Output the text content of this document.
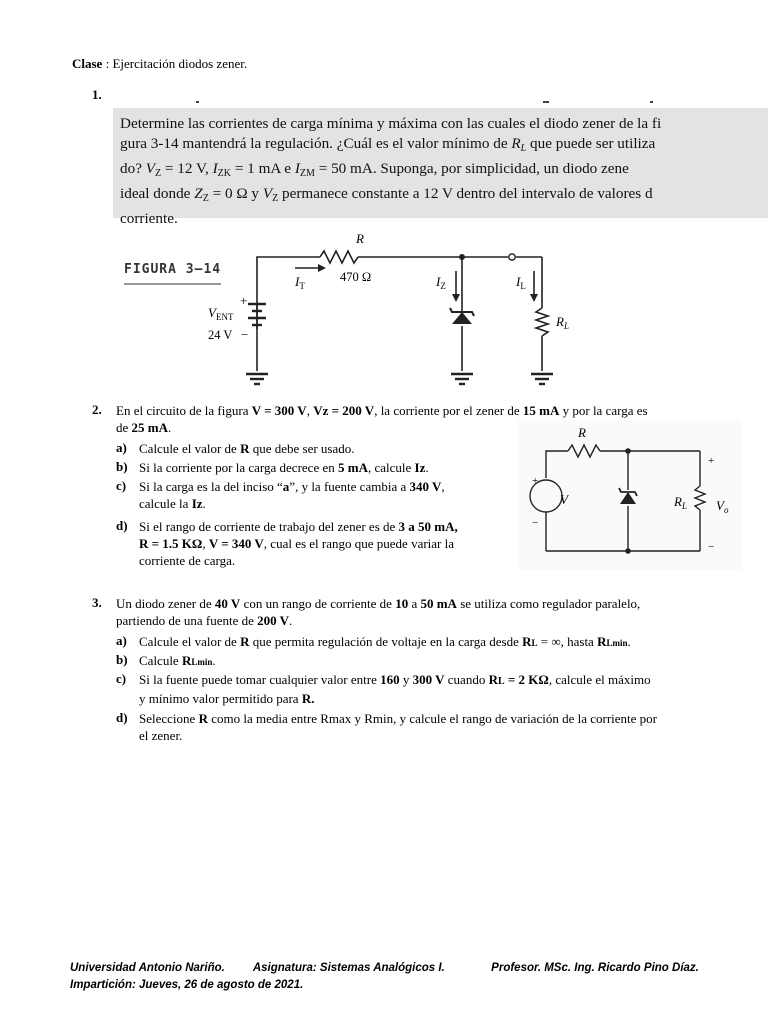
Clase : Ejercitación diodos zener.
1.
Determine las corrientes de carga mínima y máxima con las cuales el diodo zener de la fi
gura 3-14 mantendrá la regulación. ¿Cuál es el valor mínimo de $R_L$ que puede ser utiliza
do? $V_Z = 12$ V, $I_{ZK} = 1$ mA e $I_{ZM} = 50$ mA. Suponga, por simplicidad, un diodo zene
ideal donde $Z_Z = 0$ Ω y $V_Z$ permanece constante a 12 V dentro del intervalo de valores d
corriente.
FIGURA 3–14
R
470 Ω
$I_T$	$I_Z$	$I_L$
$R_L$
+
$V_{ENT}$
24 V −
2. En el circuito de la figura V = 300 V, Vz = 200 V, la corriente por el zener de 15 mA y por la carga es
de 25 mA.
a) Calcule el valor de R que debe ser usado.
b) Si la corriente por la carga decrece en 5 mA, calcule Iz.
c) Si la carga es la del inciso “a”, y la fuente cambia a 340 V,
calcule la Iz.
d) Si el rango de corriente de trabajo del zener es de 3 a 50 mA,
R = 1.5 KΩ, V = 340 V, cual es el rango que puede variar la
corriente de carga.
R
V
+
−
$R_L$ $V_o$
+
−
3. Un diodo zener de 40 V con un rango de corriente de 10 a 50 mA se utiliza como regulador paralelo,
partiendo de una fuente de 200 V.
a) Calcule el valor de R que permita regulación de voltaje en la carga desde RL = ∞, hasta RLmin.
b) Calcule RLmin.
c) Si la fuente puede tomar cualquier valor entre 160 y 300 V cuando RL = 2 KΩ, calcule el máximo
y mínimo valor permitido para R.
d) Seleccione R como la media entre Rmax y Rmin, y calcule el rango de variación de la corriente por
el zener.
Universidad Antonio Nariño. Asignatura: Sistemas Analógicos I.	Profesor. MSc. Ing. Ricardo Pino Díaz.
Impartición: Jueves, 26 de agosto de 2021.
